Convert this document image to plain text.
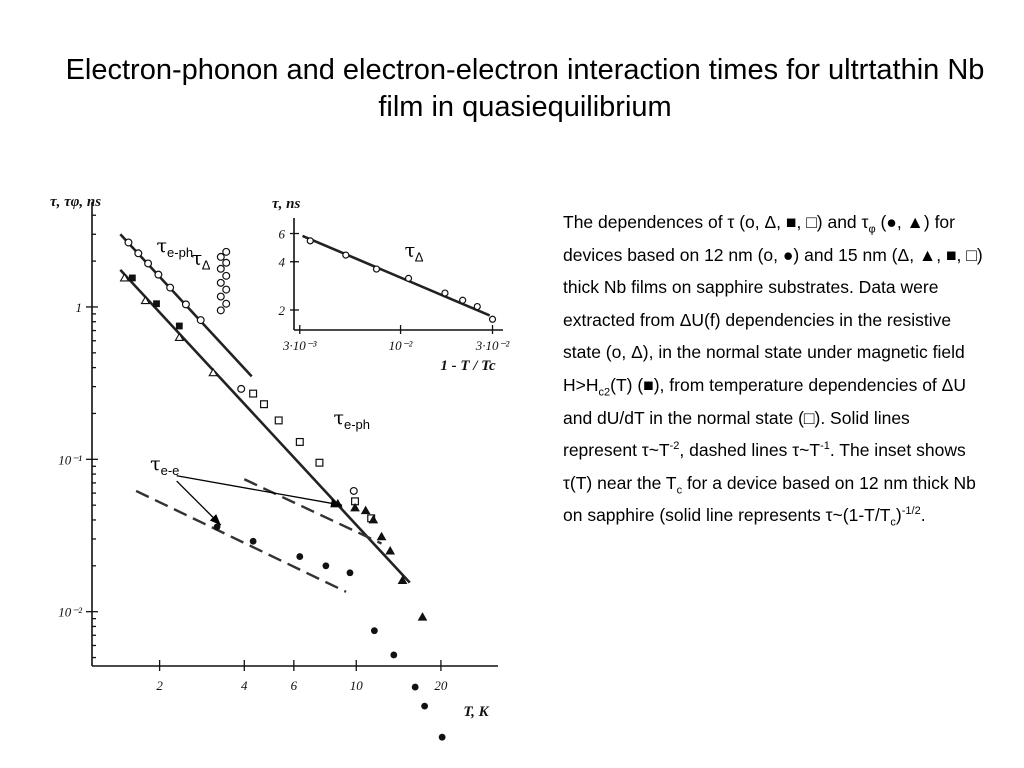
Electron-phonon and electron-electron interaction times for ultrtathin Nb film in quasiequilibrium
1
10⁻¹
10⁻²
2	4	6	10	20
τ, τφ, ns
T, K
$\tau_{e-ph}$
$\tau_\Delta$
$\tau_{e-ph}$
$\tau_{e-e}$
2
4
6
3·10⁻³	10⁻²	3·10⁻²
τ, ns
1 - T / Tc
$\tau_\Delta$
The dependences of τ (o, Δ, ■, □) and $\tau_\varphi$ (●, ▲) for devices based on 12 nm (o, ●) and 15 nm (Δ, ▲, ■, □) thick Nb films on sapphire substrates. Data were extracted from ΔU(f) dependencies in the resistive state (o, Δ), in the normal state under magnetic field $H>H_{c2}(T)$ (■), from temperature dependencies of ΔU and dU/dT in the normal state (□). Solid lines represent $\tau\sim T^{-2}$, dashed lines $\tau\sim T^{-1}$. The inset shows τ(T) near the $T_c$ for a device based on 12 nm thick Nb on sapphire (solid line represents $\tau\sim(1-T/T_c)^{-1/2}$.
